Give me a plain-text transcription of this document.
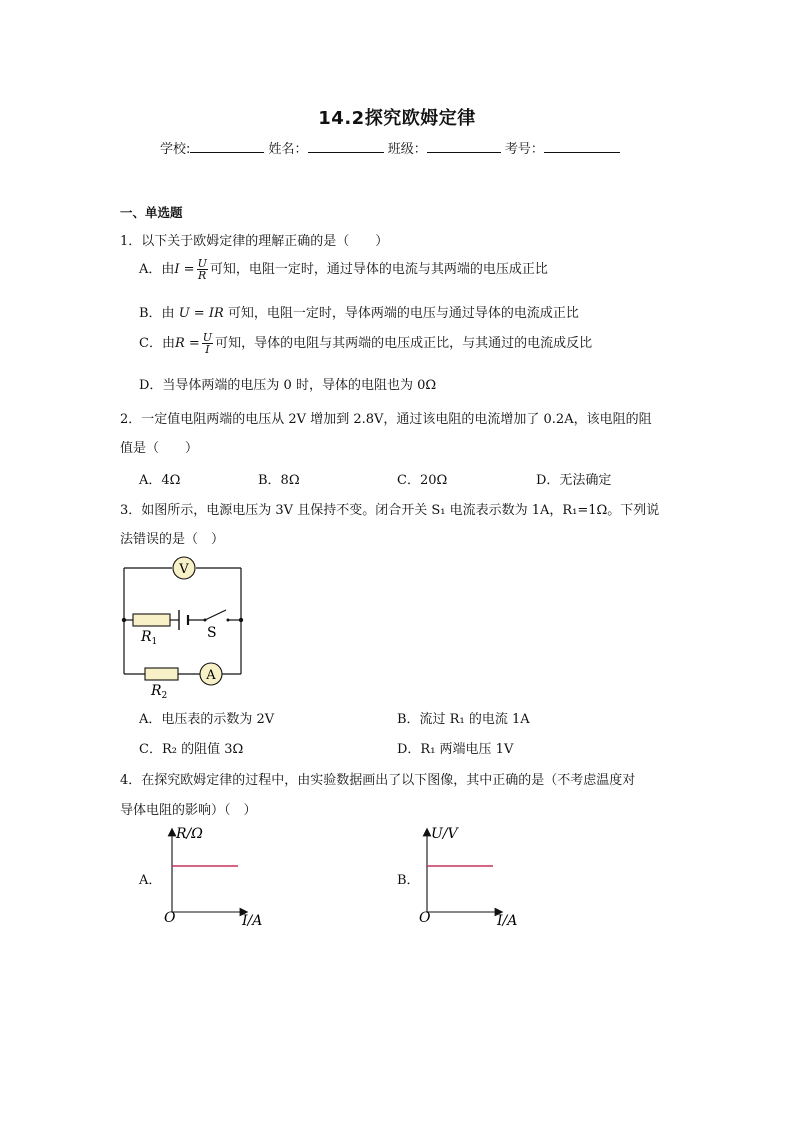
14.2探究欧姆定律
学校:	姓名：	班级：	考号：
一、单选题
1．以下关于欧姆定律的理解正确的是（　　）
A．由$I = \frac{U}{R}$ 可知，电阻一定时，通过导体的电流与其两端的电压成正比
B．由 U = IR 可知，电阻一定时，导体两端的电压与通过导体的电流成正比
C．由$R = \frac{U}{I}$ 可知，导体的电阻与其两端的电压成正比，与其通过的电流成反比
D．当导体两端的电压为 0 时，导体的电阻也为 0Ω
2．一定值电阻两端的电压从 2V 增加到 2.8V，通过该电阻的电流增加了 0.2A，该电阻的阻
值是（　　）
A．4Ω	B．8Ω	C．20Ω	D．无法确定
3．如图所示，电源电压为 3V 且保持不变。闭合开关 S₁ 电流表示数为 1A，R₁=1Ω。下列说
法错误的是（　）
V
A
S
$R_1$
$R_2$
A．电压表的示数为 2V	B．流过 R₁ 的电流 1A
C．R₂ 的阻值 3Ω	D．R₁ 两端电压 1V
4．在探究欧姆定律的过程中，由实验数据画出了以下图像，其中正确的是（不考虑温度对
导体电阻的影响）（　）
A．
R/Ω
I/A
O
B．
U/V
I/A
O
